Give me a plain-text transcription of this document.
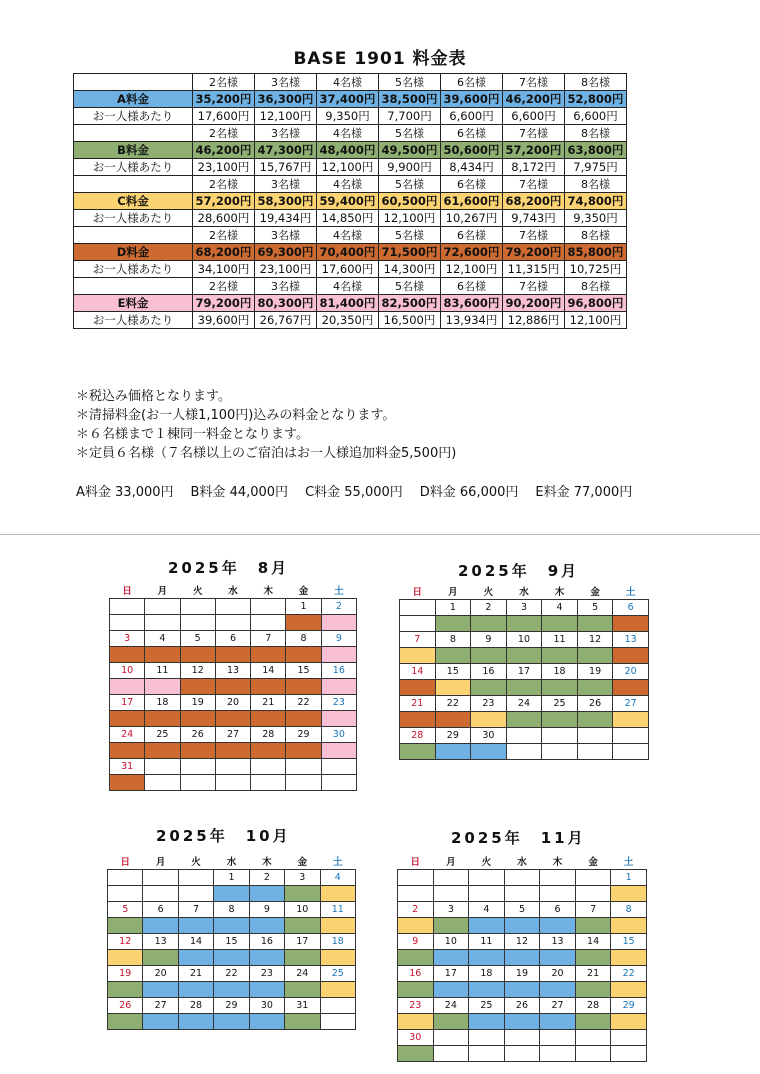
BASE 1901 料金表
	2名様	3名様	4名様	5名様	6名様	7名様	8名様
A料金	35,200円	36,300円	37,400円	38,500円	39,600円	46,200円	52,800円
お一人様あたり	17,600円	12,100円	9,350円	7,700円	6,600円	6,600円	6,600円
	2名様	3名様	4名様	5名様	6名様	7名様	8名様
B料金	46,200円	47,300円	48,400円	49,500円	50,600円	57,200円	63,800円
お一人様あたり	23,100円	15,767円	12,100円	9,900円	8,434円	8,172円	7,975円
	2名様	3名様	4名様	5名様	6名様	7名様	8名様
C料金	57,200円	58,300円	59,400円	60,500円	61,600円	68,200円	74,800円
お一人様あたり	28,600円	19,434円	14,850円	12,100円	10,267円	9,743円	9,350円
	2名様	3名様	4名様	5名様	6名様	7名様	8名様
D料金	68,200円	69,300円	70,400円	71,500円	72,600円	79,200円	85,800円
お一人様あたり	34,100円	23,100円	17,600円	14,300円	12,100円	11,315円	10,725円
	2名様	3名様	4名様	5名様	6名様	7名様	8名様
E料金	79,200円	80,300円	81,400円	82,500円	83,600円	90,200円	96,800円
お一人様あたり	39,600円	26,767円	20,350円	16,500円	13,934円	12,886円	12,100円
＊税込み価格となります。
＊清掃料金(お一人様1,100円)込みの料金となります。
＊６名様まで１棟同一料金となります。
＊定員６名様（７名様以上のご宿泊はお一人様追加料金5,500円)
A料金 33,000円 B料金 44,000円 C料金 55,000円 D料金 66,000円 E料金 77,000円
2025年　8月
日	月	火	水	木	金	土
					1	2

3	4	5	6	7	8	9

10	11	12	13	14	15	16

17	18	19	20	21	22	23

24	25	26	27	28	29	30

31						

2025年　9月
日	月	火	水	木	金	土
	1	2	3	4	5	6

7	8	9	10	11	12	13

14	15	16	17	18	19	20

21	22	23	24	25	26	27

28	29	30				

2025年　10月
日	月	火	水	木	金	土
			1	2	3	4

5	6	7	8	9	10	11

12	13	14	15	16	17	18

19	20	21	22	23	24	25

26	27	28	29	30	31	

2025年　11月
日	月	火	水	木	金	土
						1

2	3	4	5	6	7	8

9	10	11	12	13	14	15

16	17	18	19	20	21	22

23	24	25	26	27	28	29

30						
